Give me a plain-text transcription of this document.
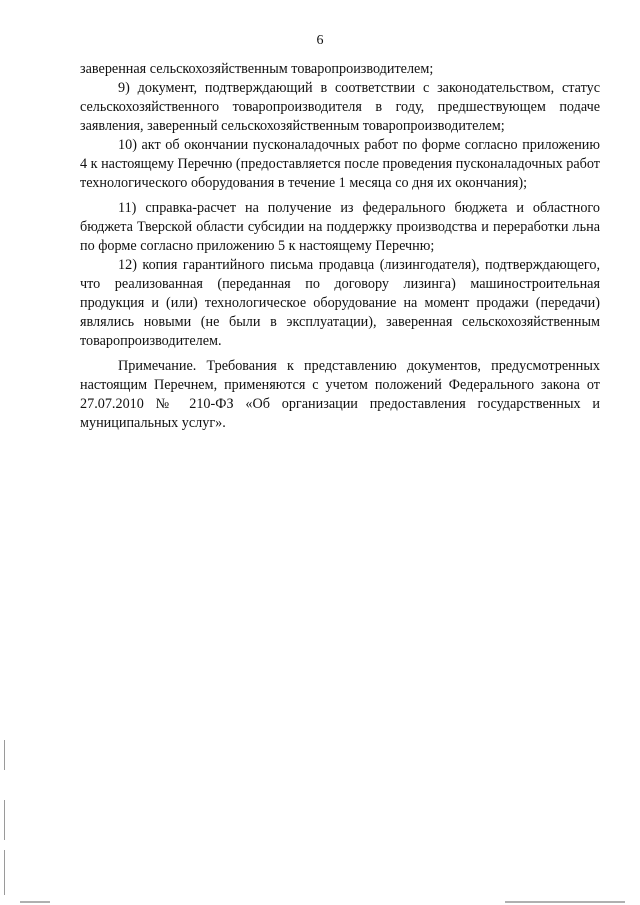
6

заверенная сельскохозяйственным товаропроизводителем;

9) документ, подтверждающий в соответствии с законодательством, статус сельскохозяйственного товаропроизводителя в году, предшествующем подаче заявления, заверенный сельскохозяйственным товаропроизводителем;

10) акт об окончании пусконаладочных работ по форме согласно приложению 4 к настоящему Перечню (предоставляется после проведения пусконаладочных работ технологического оборудования в течение 1 месяца со дня их окончания);

11) справка-расчет на получение из федерального бюджета и областного бюджета Тверской области субсидии на поддержку производства и переработки льна по форме согласно приложению 5 к настоящему Перечню;

12) копия гарантийного письма продавца (лизингодателя), подтверждающего, что реализованная (переданная по договору лизинга) машиностроительная продукция и (или) технологическое оборудование на момент продажи (передачи) являлись новыми (не были в эксплуатации), заверенная сельскохозяйственным товаропроизводителем.

Примечание. Требования к представлению документов, предусмотренных настоящим Перечнем, применяются с учетом положений Федерального закона от 27.07.2010 № 210-ФЗ «Об организации предоставления государственных и муниципальных услуг».
